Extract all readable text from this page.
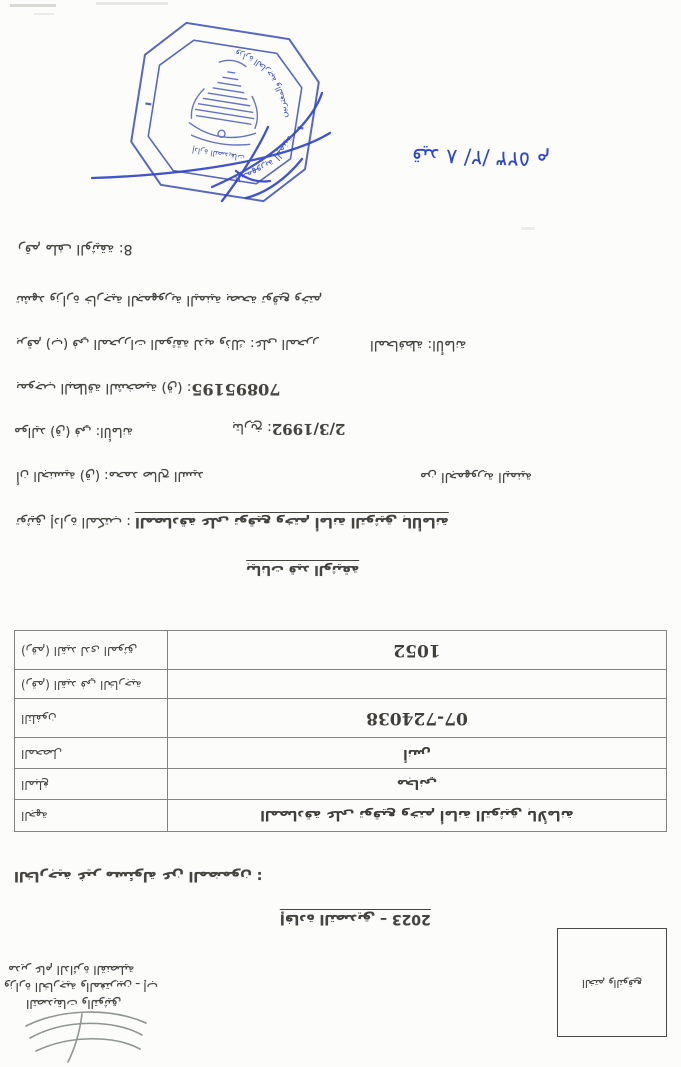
الجمهورية اليمنية
وزارة الخارجية والمغتربين
إدارة التصديقات	قيد ٨ /٢/ ٥٢٣ م
رقم ملف الوثيقة :8
تشهد وزارة خارجية الجمهورية اليمنية بصحة توقيع وختم
برقم (ب) في المحررات الموثقة لديه وذلك :على المحرر	المحافظة :الأمانة
بموجب البطاقة الشخصية (ق) :70895195
مواليد (ق) في :الأمانة	بتاريخ :2/3/1992
أن الجنسية (ق) :محمد صالح السيد	من الجمهورية اليمنية
توثيق إدارة المكتب : المصادقة على توقيع وختم أمانة التوثيق بالأمانة
بيانات قيد الوثيقة
الجهة	المصادقة على توقيع وختم أمانة التوثيق بالأمانة
المبلغ	مجاني
المحصل	أنس
التلفون	07-724038
(رقم) القيد في الخارجية	
(رقم) القيد لدى الموثق	1052
الخارجية غير مسئولة عن المضمون :
إفادة التصديق – 2023
مدير عام الدائرة القنصلية
وزارة الخارجية والمغتربين ـ إب
التصديقات والتوثيق
الختم والتوقيع
